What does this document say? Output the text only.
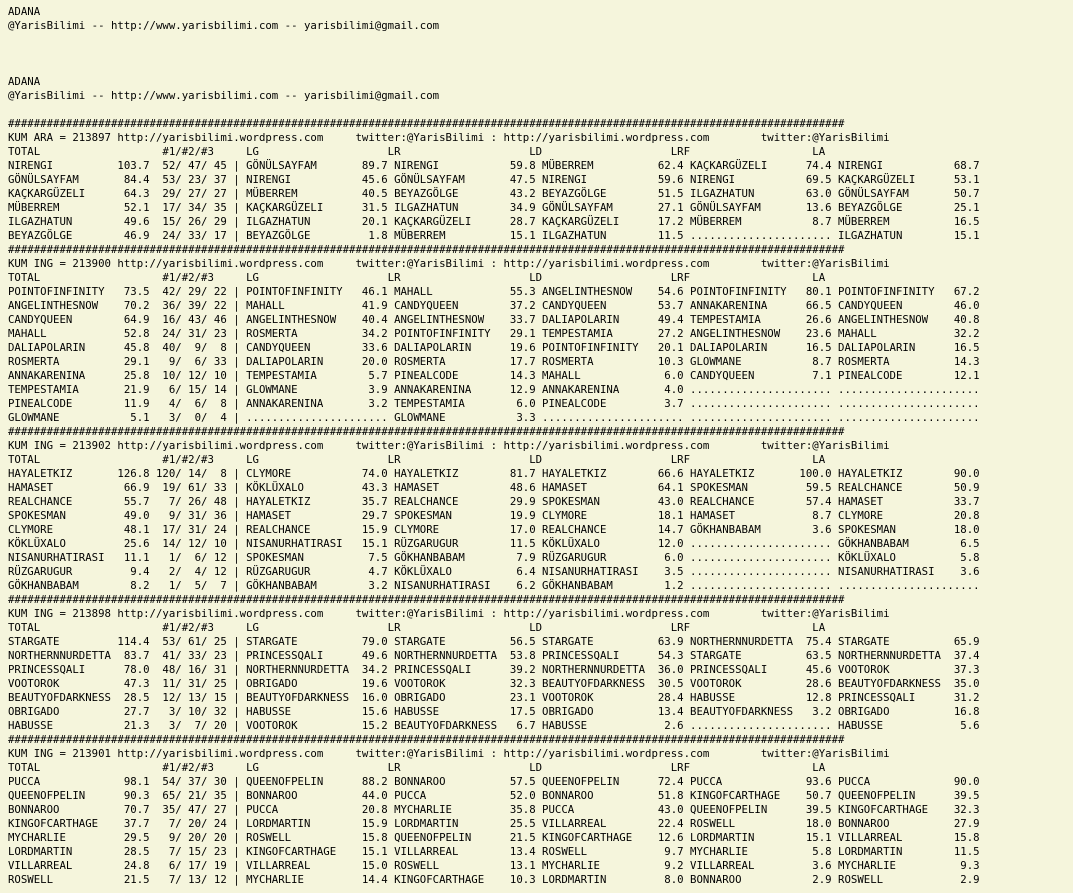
ADANA
@YarisBilimi -- http://www.yarisbilimi.com -- yarisbilimi@gmail.com

ADANA
@YarisBilimi -- http://www.yarisbilimi.com -- yarisbilimi@gmail.com

##################################################################################################################################
KUM ARA = 213897 http://yarisbilimi.wordpress.com     twitter:@YarisBilimi : http://yarisbilimi.wordpress.com        twitter:@YarisBilimi
TOTAL                   #1/#2/#3     LG                    LR                    LD                    LRF                   LA
NIRENGI          103.7  52/ 47/ 45 | GÖNÜLSAYFAM       89.7 NIRENGI           59.8 MÜBERREM          62.4 KAÇKARGÜZELI      74.4 NIRENGI           68.7
GÖNÜLSAYFAM       84.4  53/ 23/ 37 | NIRENGI           45.6 GÖNÜLSAYFAM       47.5 NIRENGI           59.6 NIRENGI           69.5 KAÇKARGÜZELI      53.1
KAÇKARGÜZELI      64.3  29/ 27/ 27 | MÜBERREM          40.5 BEYAZGÖLGE        43.2 BEYAZGÖLGE        51.5 ILGAZHATUN        63.0 GÖNÜLSAYFAM       50.7
MÜBERREM          52.1  17/ 34/ 35 | KAÇKARGÜZELI      31.5 ILGAZHATUN        34.9 GÖNÜLSAYFAM       27.1 GÖNÜLSAYFAM       13.6 BEYAZGÖLGE        25.1
ILGAZHATUN        49.6  15/ 26/ 29 | ILGAZHATUN        20.1 KAÇKARGÜZELI      28.7 KAÇKARGÜZELI      17.2 MÜBERREM           8.7 MÜBERREM          16.5
BEYAZGÖLGE        46.9  24/ 33/ 17 | BEYAZGÖLGE         1.8 MÜBERREM          15.1 ILGAZHATUN        11.5 ...................... ILGAZHATUN        15.1
##################################################################################################################################
KUM ING = 213900 http://yarisbilimi.wordpress.com     twitter:@YarisBilimi : http://yarisbilimi.wordpress.com        twitter:@YarisBilimi
TOTAL                   #1/#2/#3     LG                    LR                    LD                    LRF                   LA
POINTOFINFINITY   73.5  42/ 29/ 22 | POINTOFINFINITY   46.1 MAHALL            55.3 ANGELINTHESNOW    54.6 POINTOFINFINITY   80.1 POINTOFINFINITY   67.2
ANGELINTHESNOW    70.2  36/ 39/ 22 | MAHALL            41.9 CANDYQUEEN        37.2 CANDYQUEEN        53.7 ANNAKARENINA      66.5 CANDYQUEEN        46.0
CANDYQUEEN        64.9  16/ 43/ 46 | ANGELINTHESNOW    40.4 ANGELINTHESNOW    33.7 DALIAPOLARIN      49.4 TEMPESTAMIA       26.6 ANGELINTHESNOW    40.8
MAHALL            52.8  24/ 31/ 23 | ROSMERTA          34.2 POINTOFINFINITY   29.1 TEMPESTAMIA       27.2 ANGELINTHESNOW    23.6 MAHALL            32.2
DALIAPOLARIN      45.8  40/  9/  8 | CANDYQUEEN        33.6 DALIAPOLARIN      19.6 POINTOFINFINITY   20.1 DALIAPOLARIN      16.5 DALIAPOLARIN      16.5
ROSMERTA          29.1   9/  6/ 33 | DALIAPOLARIN      20.0 ROSMERTA          17.7 ROSMERTA          10.3 GLOWMANE           8.7 ROSMERTA          14.3
ANNAKARENINA      25.8  10/ 12/ 10 | TEMPESTAMIA        5.7 PINEALCODE        14.3 MAHALL             6.0 CANDYQUEEN         7.1 PINEALCODE        12.1
TEMPESTAMIA       21.9   6/ 15/ 14 | GLOWMANE           3.9 ANNAKARENINA      12.9 ANNAKARENINA       4.0 ...................... ......................
PINEALCODE        11.9   4/  6/  8 | ANNAKARENINA       3.2 TEMPESTAMIA        6.0 PINEALCODE         3.7 ...................... ......................
GLOWMANE           5.1   3/  0/  4 | ...................... GLOWMANE           3.3 ...................... ...................... ......................
##################################################################################################################################
KUM ING = 213902 http://yarisbilimi.wordpress.com     twitter:@YarisBilimi : http://yarisbilimi.wordpress.com        twitter:@YarisBilimi
TOTAL                   #1/#2/#3     LG                    LR                    LD                    LRF                   LA
HAYALETKIZ       126.8 120/ 14/  8 | CLYMORE           74.0 HAYALETKIZ        81.7 HAYALETKIZ        66.6 HAYALETKIZ       100.0 HAYALETKIZ        90.0
HAMASET           66.9  19/ 61/ 33 | KÖKLÜXALO         43.3 HAMASET           48.6 HAMASET           64.1 SPOKESMAN         59.5 REALCHANCE        50.9
REALCHANCE        55.7   7/ 26/ 48 | HAYALETKIZ        35.7 REALCHANCE        29.9 SPOKESMAN         43.0 REALCHANCE        57.4 HAMASET           33.7
SPOKESMAN         49.0   9/ 31/ 36 | HAMASET           29.7 SPOKESMAN         19.9 CLYMORE           18.1 HAMASET            8.7 CLYMORE           20.8
CLYMORE           48.1  17/ 31/ 24 | REALCHANCE        15.9 CLYMORE           17.0 REALCHANCE        14.7 GÖKHANBABAM        3.6 SPOKESMAN         18.0
KÖKLÜXALO         25.6  14/ 12/ 10 | NISANURHATIRASI   15.1 RÜZGARUGUR        11.5 KÖKLÜXALO         12.0 ...................... GÖKHANBABAM        6.5
NISANURHATIRASI   11.1   1/  6/ 12 | SPOKESMAN          7.5 GÖKHANBABAM        7.9 RÜZGARUGUR         6.0 ...................... KÖKLÜXALO          5.8
RÜZGARUGUR         9.4   2/  4/ 12 | RÜZGARUGUR         4.7 KÖKLÜXALO          6.4 NISANURHATIRASI    3.5 ...................... NISANURHATIRASI    3.6
GÖKHANBABAM        8.2   1/  5/  7 | GÖKHANBABAM        3.2 NISANURHATIRASI    6.2 GÖKHANBABAM        1.2 ...................... ......................
##################################################################################################################################
KUM ING = 213898 http://yarisbilimi.wordpress.com     twitter:@YarisBilimi : http://yarisbilimi.wordpress.com        twitter:@YarisBilimi
TOTAL                   #1/#2/#3     LG                    LR                    LD                    LRF                   LA
STARGATE         114.4  53/ 61/ 25 | STARGATE          79.0 STARGATE          56.5 STARGATE          63.9 NORTHERNNURDETTA  75.4 STARGATE          65.9
NORTHERNNURDETTA  83.7  41/ 33/ 23 | PRINCESSQALI      49.6 NORTHERNNURDETTA  53.8 PRINCESSQALI      54.3 STARGATE          63.5 NORTHERNNURDETTA  37.4
PRINCESSQALI      78.0  48/ 16/ 31 | NORTHERNNURDETTA  34.2 PRINCESSQALI      39.2 NORTHERNNURDETTA  36.0 PRINCESSQALI      45.6 VOOTOROK          37.3
VOOTOROK          47.3  11/ 31/ 25 | OBRIGADO          19.6 VOOTOROK          32.3 BEAUTYOFDARKNESS  30.5 VOOTOROK          28.6 BEAUTYOFDARKNESS  35.0
BEAUTYOFDARKNESS  28.5  12/ 13/ 15 | BEAUTYOFDARKNESS  16.0 OBRIGADO          23.1 VOOTOROK          28.4 HABUSSE           12.8 PRINCESSQALI      31.2
OBRIGADO          27.7   3/ 10/ 32 | HABUSSE           15.6 HABUSSE           17.5 OBRIGADO          13.4 BEAUTYOFDARKNESS   3.2 OBRIGADO          16.8
HABUSSE           21.3   3/  7/ 20 | VOOTOROK          15.2 BEAUTYOFDARKNESS   6.7 HABUSSE            2.6 ...................... HABUSSE            5.6
##################################################################################################################################
KUM ING = 213901 http://yarisbilimi.wordpress.com     twitter:@YarisBilimi : http://yarisbilimi.wordpress.com        twitter:@YarisBilimi
TOTAL                   #1/#2/#3     LG                    LR                    LD                    LRF                   LA
PUCCA             98.1  54/ 37/ 30 | QUEENOFPELIN      88.2 BONNAROO          57.5 QUEENOFPELIN      72.4 PUCCA             93.6 PUCCA             90.0
QUEENOFPELIN      90.3  65/ 21/ 35 | BONNAROO          44.0 PUCCA             52.0 BONNAROO          51.8 KINGOFCARTHAGE    50.7 QUEENOFPELIN      39.5
BONNAROO          70.7  35/ 47/ 27 | PUCCA             20.8 MYCHARLIE         35.8 PUCCA             43.0 QUEENOFPELIN      39.5 KINGOFCARTHAGE    32.3
KINGOFCARTHAGE    37.7   7/ 20/ 24 | LORDMARTIN        15.9 LORDMARTIN        25.5 VILLARREAL        22.4 ROSWELL           18.0 BONNAROO          27.9
MYCHARLIE         29.5   9/ 20/ 20 | ROSWELL           15.8 QUEENOFPELIN      21.5 KINGOFCARTHAGE    12.6 LORDMARTIN        15.1 VILLARREAL        15.8
LORDMARTIN        28.5   7/ 15/ 23 | KINGOFCARTHAGE    15.1 VILLARREAL        13.4 ROSWELL            9.7 MYCHARLIE          5.8 LORDMARTIN        11.5
VILLARREAL        24.8   6/ 17/ 19 | VILLARREAL        15.0 ROSWELL           13.1 MYCHARLIE          9.2 VILLARREAL         3.6 MYCHARLIE          9.3
ROSWELL           21.5   7/ 13/ 12 | MYCHARLIE         14.4 KINGOFCARTHAGE    10.3 LORDMARTIN         8.0 BONNAROO           2.9 ROSWELL            2.9
